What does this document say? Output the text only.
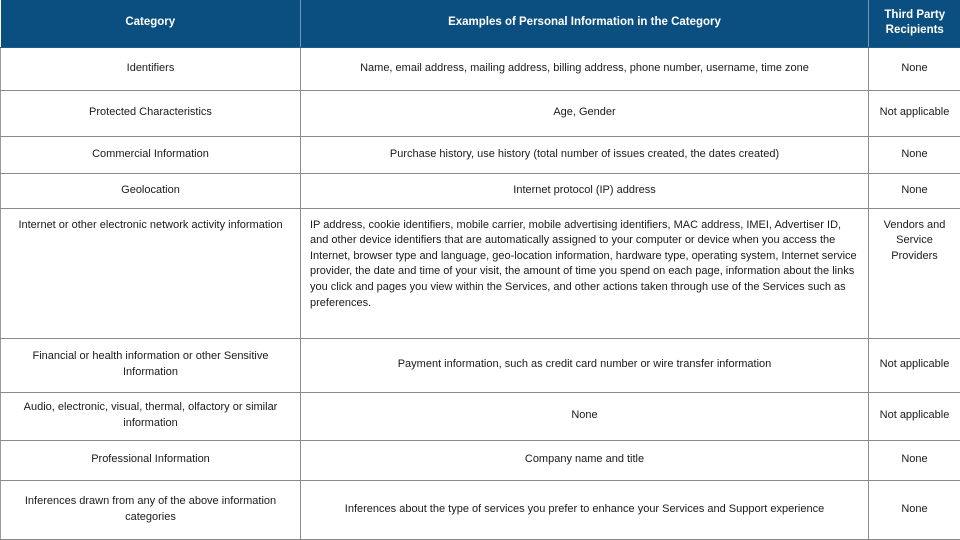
Category	Examples of Personal Information in the Category	Third Party
Recipients
Identifiers	Name, email address, mailing address, billing address, phone number, username, time zone	None
Protected Characteristics	Age, Gender	Not applicable
Commercial Information	Purchase history, use history (total number of issues created, the dates created)	None
Geolocation	Internet protocol (IP) address	None
Internet or other electronic network activity information	IP address, cookie identifiers, mobile carrier, mobile advertising identifiers, MAC address, IMEI, Advertiser ID, and other device identifiers that are automatically assigned to your computer or device when you access the Internet, browser type and language, geo-location information, hardware type, operating system, Internet service provider, the date and time of your visit, the amount of time you spend on each page, information about the links you click and pages you view within the Services, and other actions taken through use of the Services such as preferences.	Vendors and Service Providers
Financial or health information or other Sensitive Information	Payment information, such as credit card number or wire transfer information	Not applicable
Audio, electronic, visual, thermal, olfactory or similar information	None	Not applicable
Professional Information	Company name and title	None
Inferences drawn from any of the above information categories	Inferences about the type of services you prefer to enhance your Services and Support experience	None
